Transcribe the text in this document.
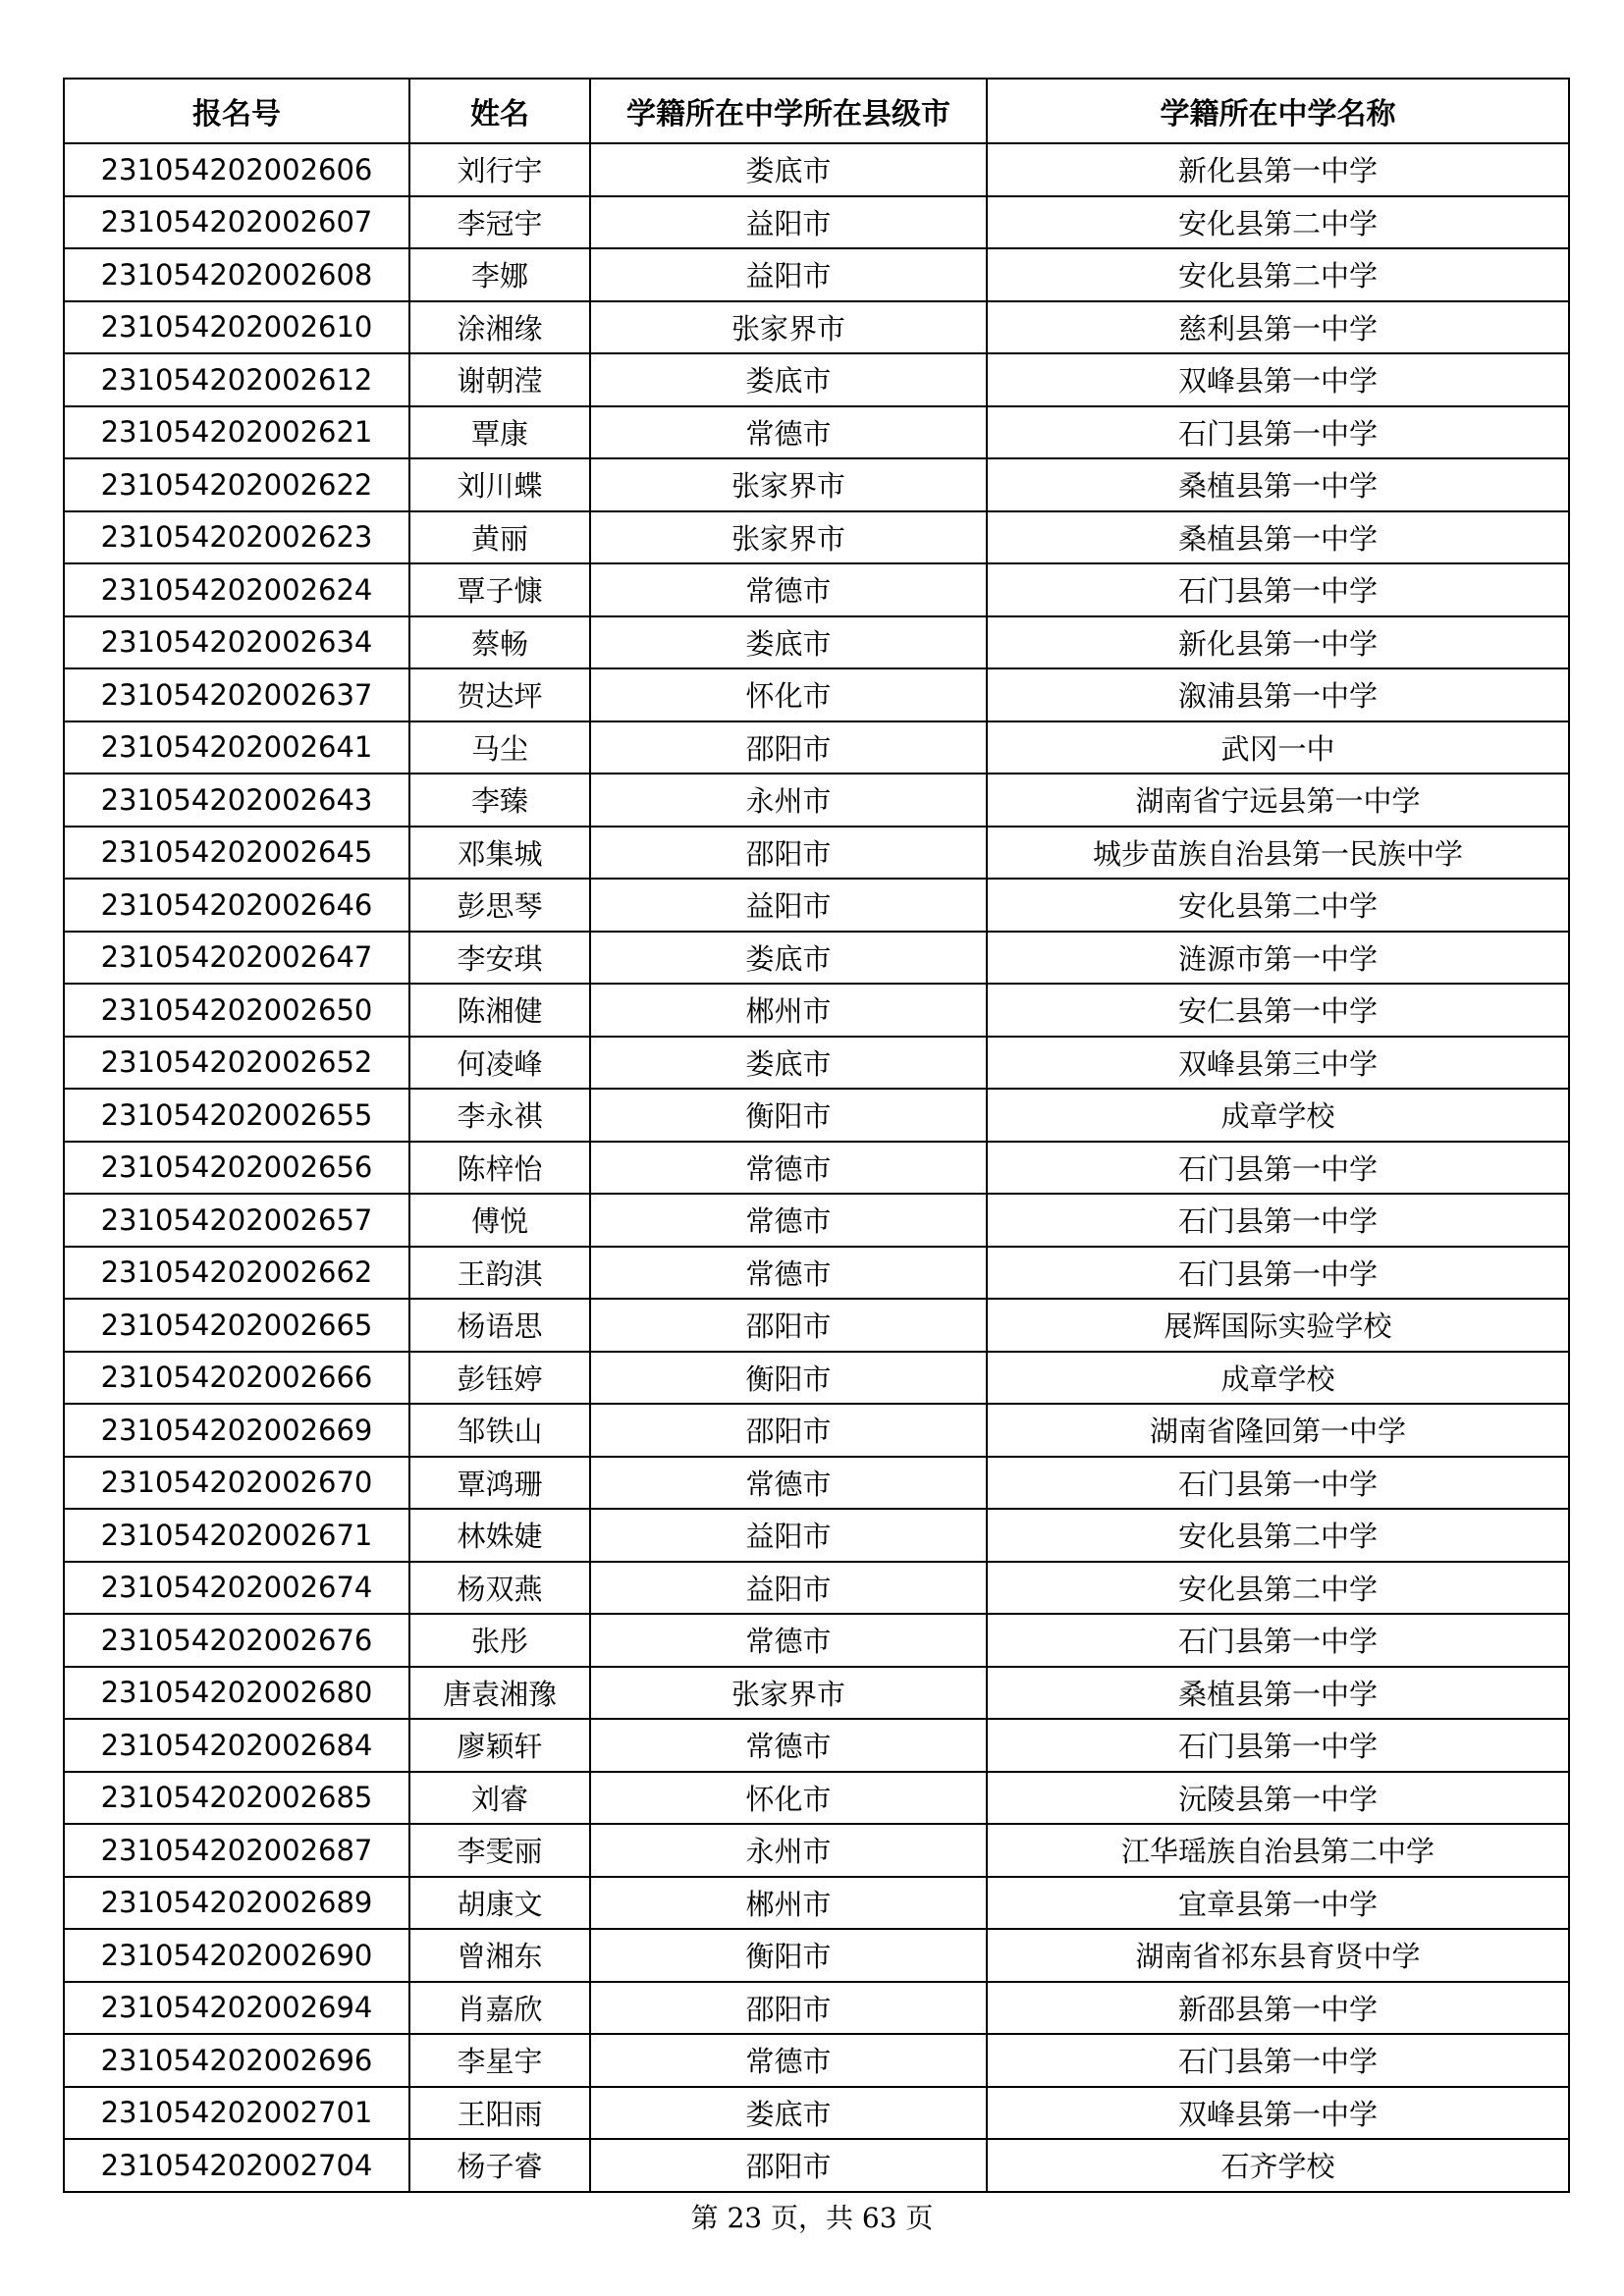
报名号	姓名	学籍所在中学所在县级市	学籍所在中学名称
231054202002606	刘行宇	娄底市	新化县第一中学
231054202002607	李冠宇	益阳市	安化县第二中学
231054202002608	李娜	益阳市	安化县第二中学
231054202002610	涂湘缘	张家界市	慈利县第一中学
231054202002612	谢朝滢	娄底市	双峰县第一中学
231054202002621	覃康	常德市	石门县第一中学
231054202002622	刘川蝶	张家界市	桑植县第一中学
231054202002623	黄丽	张家界市	桑植县第一中学
231054202002624	覃子慷	常德市	石门县第一中学
231054202002634	蔡畅	娄底市	新化县第一中学
231054202002637	贺达坪	怀化市	溆浦县第一中学
231054202002641	马尘	邵阳市	武冈一中
231054202002643	李臻	永州市	湖南省宁远县第一中学
231054202002645	邓集城	邵阳市	城步苗族自治县第一民族中学
231054202002646	彭思琴	益阳市	安化县第二中学
231054202002647	李安琪	娄底市	涟源市第一中学
231054202002650	陈湘健	郴州市	安仁县第一中学
231054202002652	何凌峰	娄底市	双峰县第三中学
231054202002655	李永祺	衡阳市	成章学校
231054202002656	陈梓怡	常德市	石门县第一中学
231054202002657	傅悦	常德市	石门县第一中学
231054202002662	王韵淇	常德市	石门县第一中学
231054202002665	杨语思	邵阳市	展辉国际实验学校
231054202002666	彭钰婷	衡阳市	成章学校
231054202002669	邹铁山	邵阳市	湖南省隆回第一中学
231054202002670	覃鸿珊	常德市	石门县第一中学
231054202002671	林姝婕	益阳市	安化县第二中学
231054202002674	杨双燕	益阳市	安化县第二中学
231054202002676	张彤	常德市	石门县第一中学
231054202002680	唐袁湘豫	张家界市	桑植县第一中学
231054202002684	廖颖轩	常德市	石门县第一中学
231054202002685	刘睿	怀化市	沅陵县第一中学
231054202002687	李雯丽	永州市	江华瑶族自治县第二中学
231054202002689	胡康文	郴州市	宜章县第一中学
231054202002690	曾湘东	衡阳市	湖南省祁东县育贤中学
231054202002694	肖嘉欣	邵阳市	新邵县第一中学
231054202002696	李星宇	常德市	石门县第一中学
231054202002701	王阳雨	娄底市	双峰县第一中学
231054202002704	杨子睿	邵阳市	石齐学校
第 23 页，共 63 页
